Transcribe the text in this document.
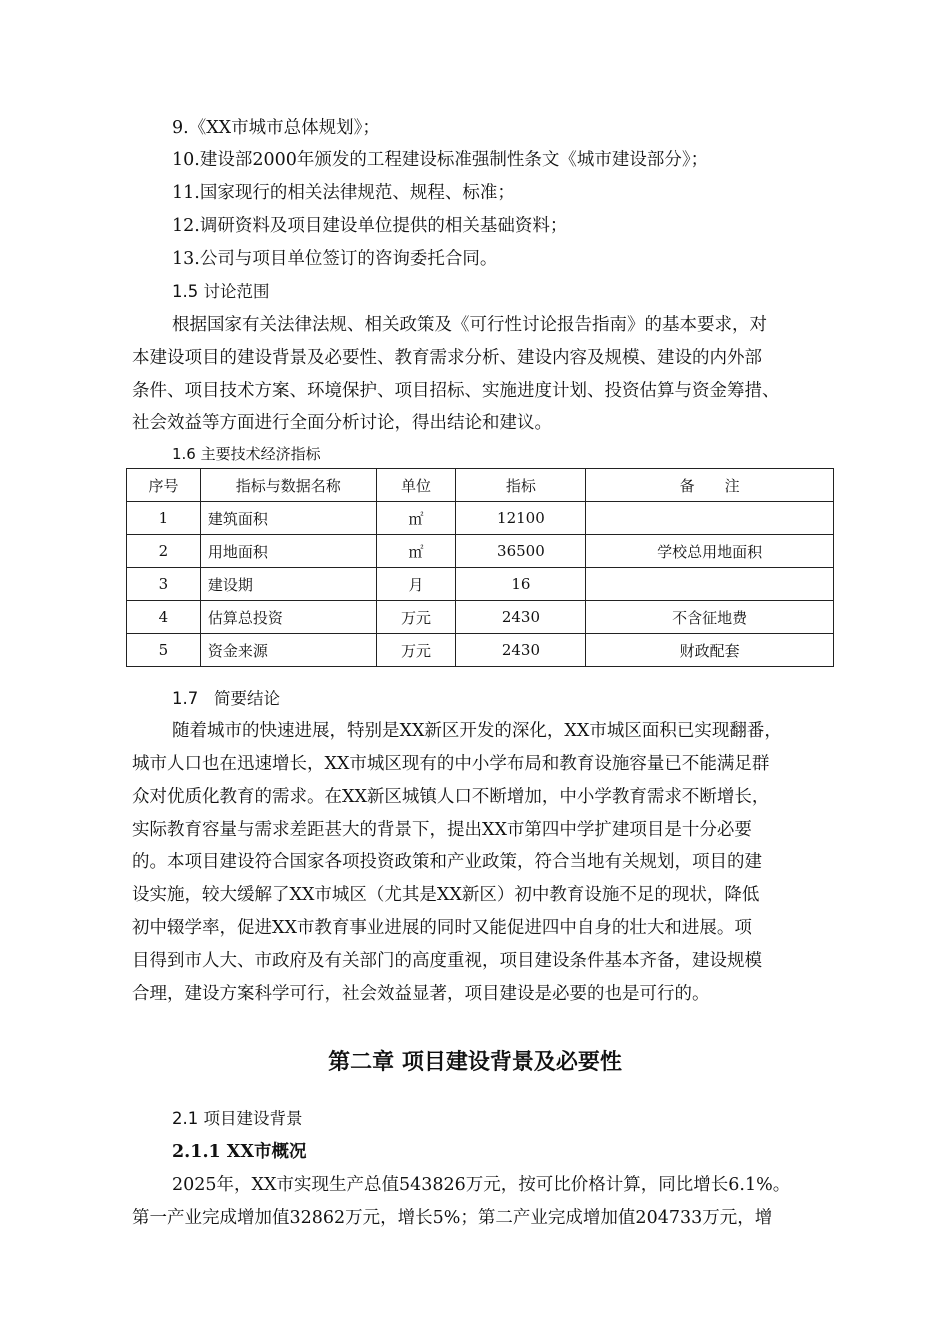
9.《XX市城市总体规划》；
10.建设部2000年颁发的工程建设标准强制性条文《城市建设部分》；
11.国家现行的相关法律规范、规程、标准；
12.调研资料及项目建设单位提供的相关基础资料；
13.公司与项目单位签订的咨询委托合同。
1.5 讨论范围
根据国家有关法律法规、相关政策及《可行性讨论报告指南》的基本要求，对
本建设项目的建设背景及必要性、教育需求分析、建设内容及规模、建设的内外部
条件、项目技术方案、环境保护、项目招标、实施进度计划、投资估算与资金筹措、
社会效益等方面进行全面分析讨论，得出结论和建议。
1.6 主要技术经济指标
序号	指标与数据名称	单位	指标	备　　注
1	建筑面积	㎡	12100	
2	用地面积	㎡	36500	学校总用地面积
3	建设期	月	16	
4	估算总投资	万元	2430	不含征地费
5	资金来源	万元	2430	财政配套
1.7 简要结论
随着城市的快速进展，特别是XX新区开发的深化，XX市城区面积已实现翻番，
城市人口也在迅速增长，XX市城区现有的中小学布局和教育设施容量已不能满足群
众对优质化教育的需求。在XX新区城镇人口不断增加，中小学教育需求不断增长，
实际教育容量与需求差距甚大的背景下，提出XX市第四中学扩建项目是十分必要
的。本项目建设符合国家各项投资政策和产业政策，符合当地有关规划，项目的建
设实施，较大缓解了XX市城区（尤其是XX新区）初中教育设施不足的现状，降低
初中辍学率，促进XX市教育事业进展的同时又能促进四中自身的壮大和进展。项
目得到市人大、市政府及有关部门的高度重视，项目建设条件基本齐备，建设规模
合理，建设方案科学可行，社会效益显著，项目建设是必要的也是可行的。
第二章 项目建设背景及必要性
2.1 项目建设背景
2.1.1 XX市概况
2025年，XX市实现生产总值543826万元，按可比价格计算，同比增长6.1%。
第一产业完成增加值32862万元，增长5%；第二产业完成增加值204733万元，增
